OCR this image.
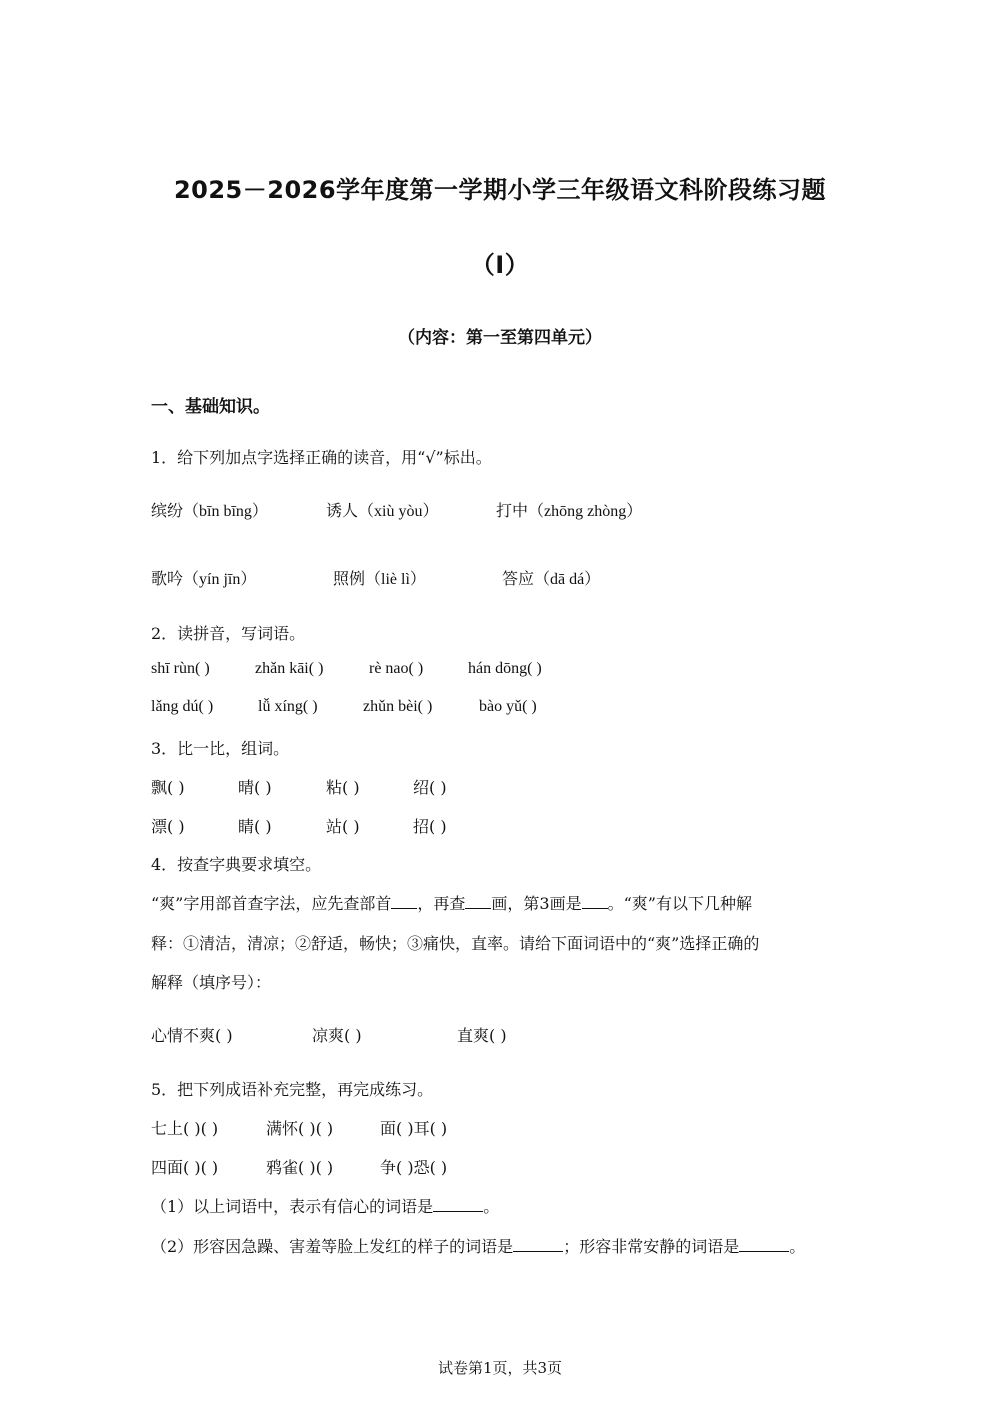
2025－2026学年度第一学期小学三年级语文科阶段练习题
（Ⅰ）
（内容：第一至第四单元）
一、基础知识。
1．给下列加点字选择正确的读音，用“√”标出。
缤纷（bīn bīng）	诱人（xiù yòu）	打中（zhōng zhòng）
歌吟（yín jīn）	照例（liè lì）	答应（dā dá）
2．读拼音，写词语。
shī rùn( )	zhǎn kāi( )	rè nao( )	hán dōng( )
lǎng dú( )	lǚ xíng( )	zhǔn bèi( )	bào yǔ( )
3．比一比，组词。
飘( )	晴( )	粘( )	绍( )
漂( )	睛( )	站( )	招( )
4．按查字典要求填空。
“爽”字用部首查字法，应先查部首 ，再查 画，第3画是 。“爽”有以下几种解
释：①清洁，清凉；②舒适，畅快；③痛快，直率。请给下面词语中的“爽”选择正确的
解释（填序号）：
心情不爽( )	凉爽( )	直爽( )
5．把下列成语补充完整，再完成练习。
七上( )( )	满怀( )( )	面( )耳( )
四面( )( )	鸦雀( )( )	争( )恐( )
（1）以上词语中，表示有信心的词语是	。
（2）形容因急躁、害羞等脸上发红的样子的词语是	；形容非常安静的词语是	。
试卷第1页，共3页
